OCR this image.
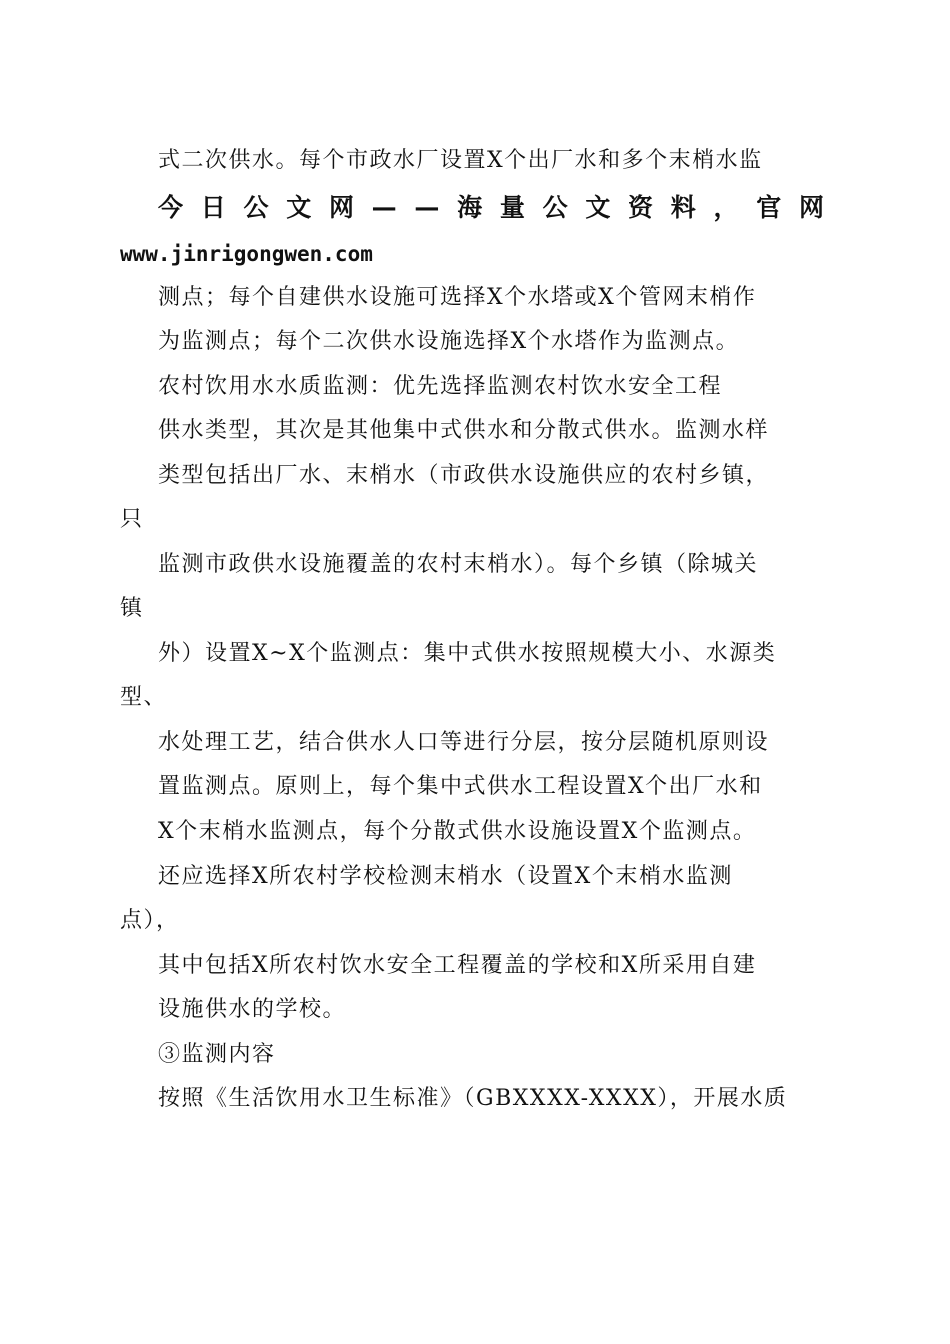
式二次供水。每个市政水厂设置X个出厂水和多个末梢水监
今 日 公 文 网 — — 海 量 公 文 资 料 ， 官 网
www.jinrigongwen.com
测点；每个自建供水设施可选择X个水塔或X个管网末梢作
为监测点；每个二次供水设施选择X个水塔作为监测点。
农村饮用水水质监测：优先选择监测农村饮水安全工程
供水类型，其次是其他集中式供水和分散式供水。监测水样
类型包括出厂水、末梢水（市政供水设施供应的农村乡镇，
只
监测市政供水设施覆盖的农村末梢水）。每个乡镇（除城关
镇
外）设置X~X个监测点：集中式供水按照规模大小、水源类
型、
水处理工艺，结合供水人口等进行分层，按分层随机原则设
置监测点。原则上，每个集中式供水工程设置X个出厂水和
X个末梢水监测点，每个分散式供水设施设置X个监测点。
还应选择X所农村学校检测末梢水（设置X个末梢水监测
点），
其中包括X所农村饮水安全工程覆盖的学校和X所采用自建
设施供水的学校。
③监测内容
按照《生活饮用水卫生标准》（GBXXXX-XXXX），开展水质
